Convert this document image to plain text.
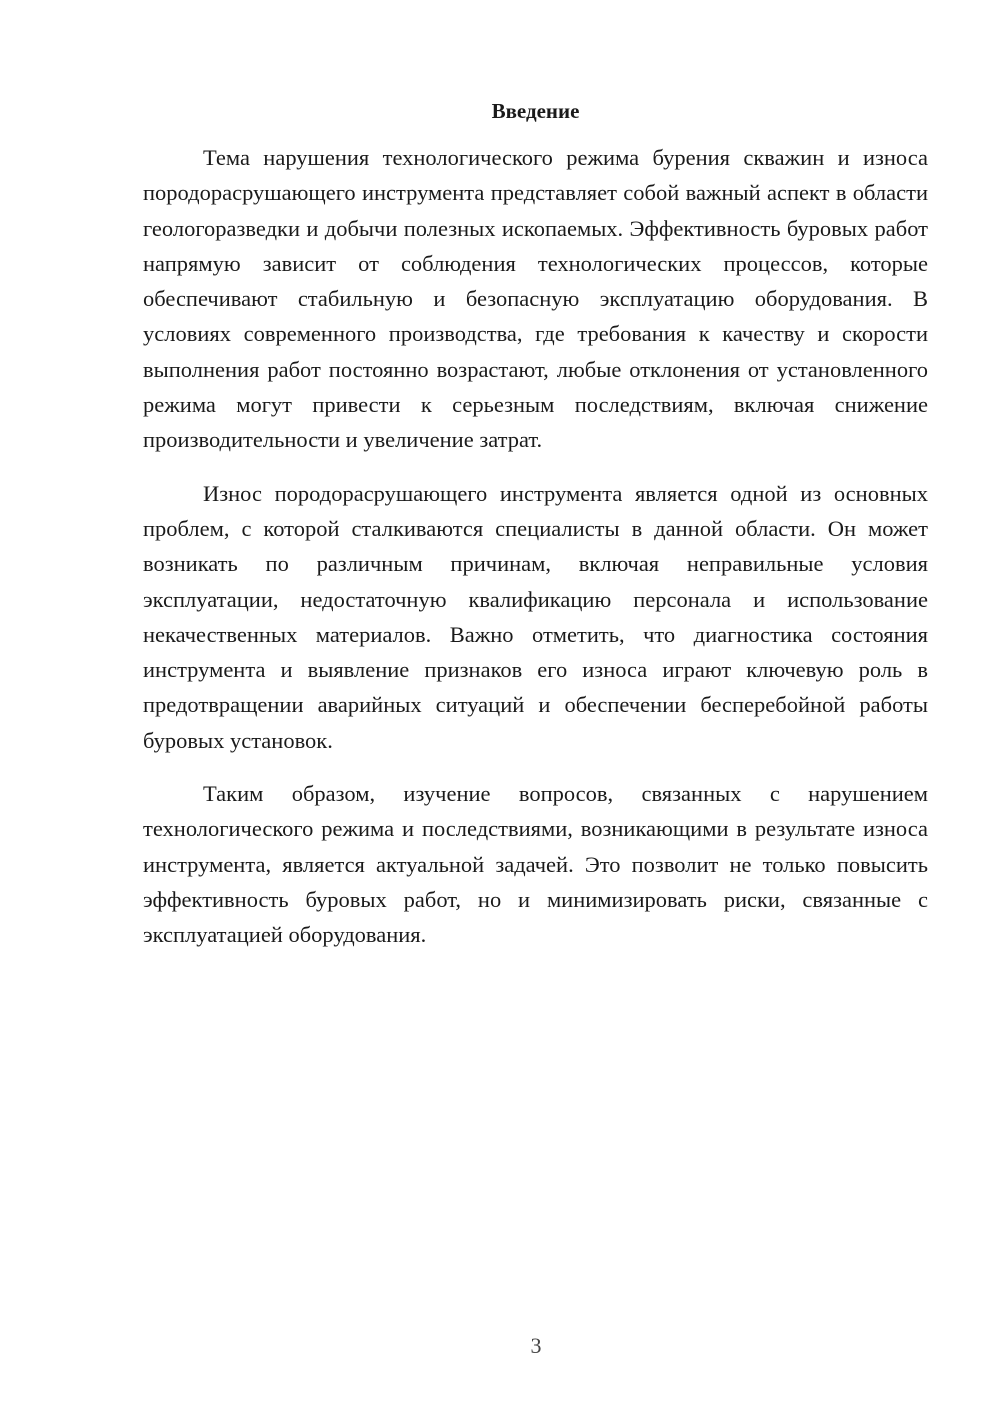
Введение

Тема нарушения технологического режима бурения скважин и износа породорасрушающего инструмента представляет собой важный аспект в области геологоразведки и добычи полезных ископаемых. Эффективность буровых работ напрямую зависит от соблюдения технологических процессов, которые обеспечивают стабильную и безопасную эксплуатацию оборудования. В условиях современного производства, где требования к качеству и скорости выполнения работ постоянно возрастают, любые отклонения от установленного режима могут привести к серьезным последствиям, включая снижение производительности и увеличение затрат.

Износ породорасрушающего инструмента является одной из основных проблем, с которой сталкиваются специалисты в данной области. Он может возникать по различным причинам, включая неправильные условия эксплуатации, недостаточную квалификацию персонала и использование некачественных материалов. Важно отметить, что диагностика состояния инструмента и выявление признаков его износа играют ключевую роль в предотвращении аварийных ситуаций и обеспечении бесперебойной работы буровых установок.

Таким образом, изучение вопросов, связанных с нарушением технологического режима и последствиями, возникающими в результате износа инструмента, является актуальной задачей. Это позволит не только повысить эффективность буровых работ, но и минимизировать риски, связанные с эксплуатацией оборудования.

3
